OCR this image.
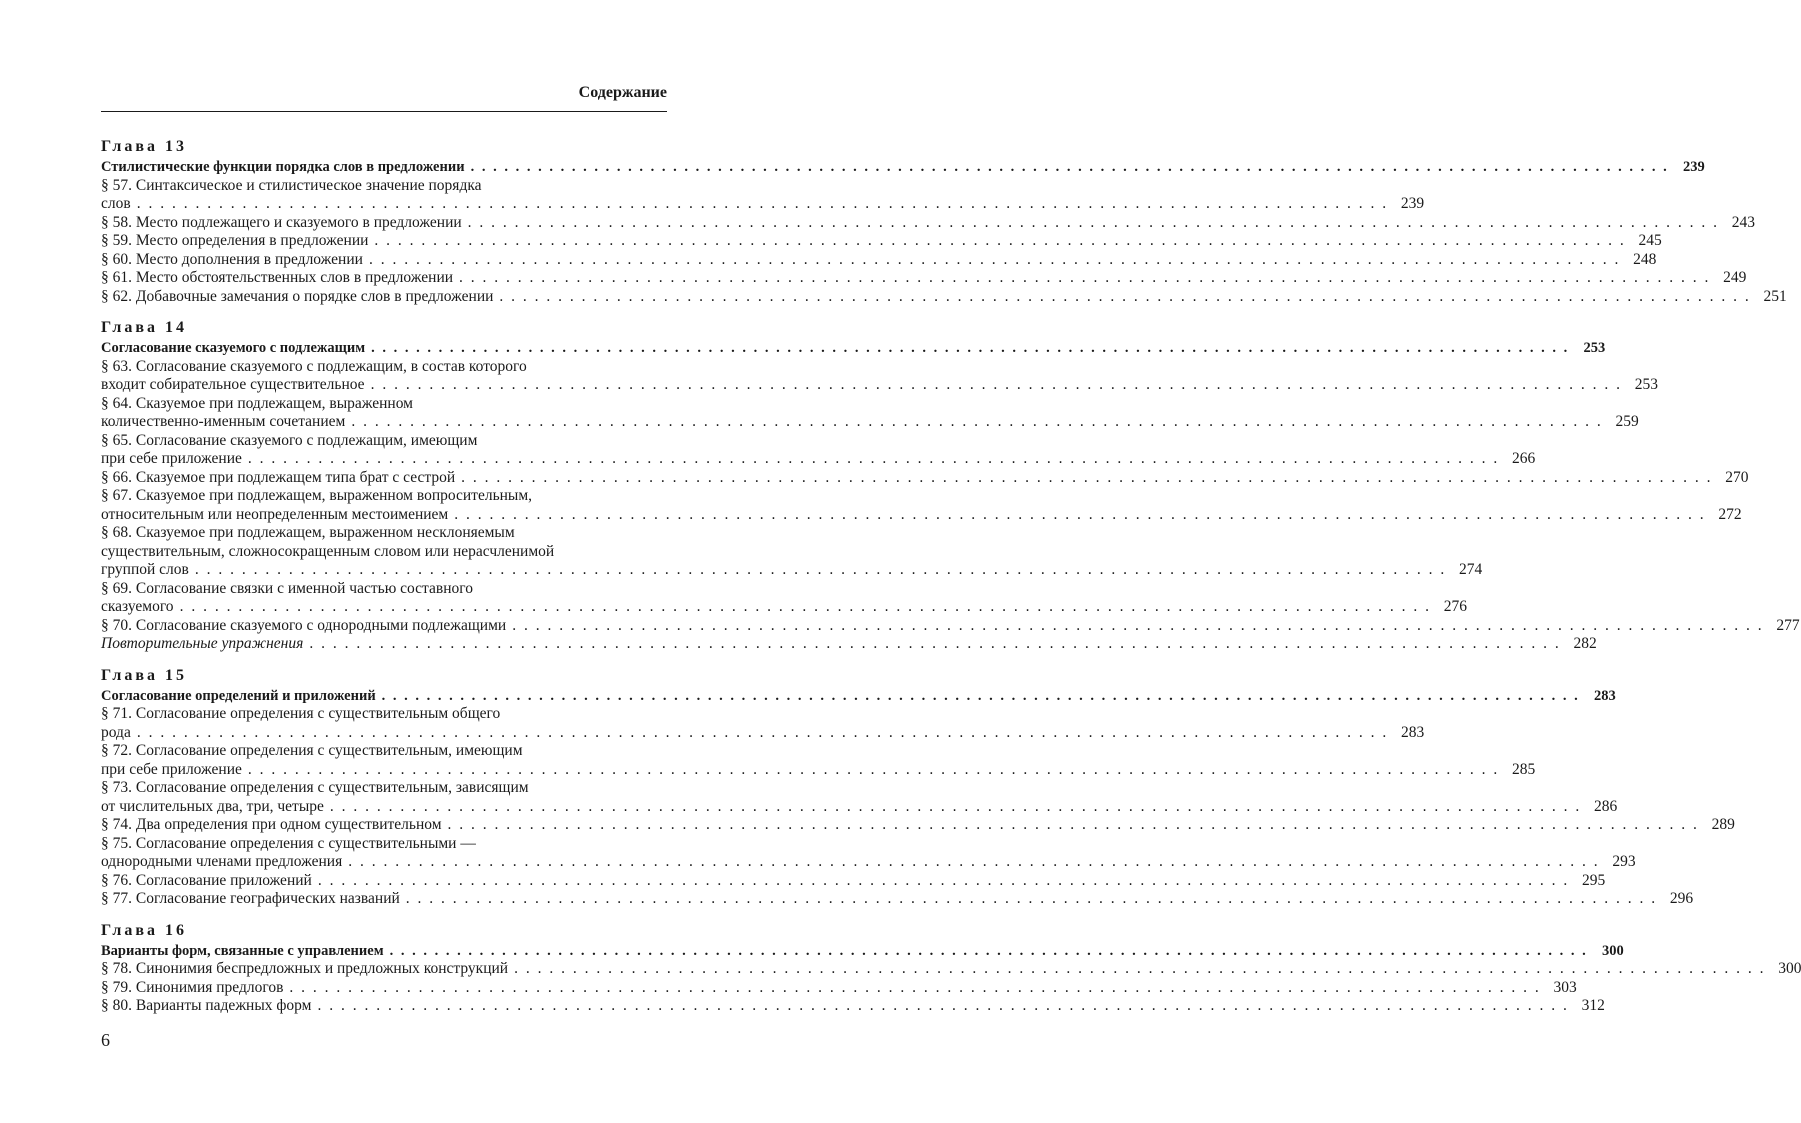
Содержание
Глава 13
Стилистические функции порядка слов в предложении . . .	239
§ 57. Синтаксическое и стилистическое значение порядка
слов . . .	239
§ 58. Место подлежащего и сказуемого в предложении . . .	243
§ 59. Место определения в предложении . . .	245
§ 60. Место дополнения в предложении . . .	248
§ 61. Место обстоятельственных слов в предложении . . .	249
§ 62. Добавочные замечания о порядке слов в предложении . . .	251
Глава 14
Согласование сказуемого с подлежащим . . .	253
§ 63. Согласование сказуемого с подлежащим, в состав которого
входит собирательное существительное . . .	253
§ 64. Сказуемое при подлежащем, выраженном
количественно-именным сочетанием . . .	259
§ 65. Согласование сказуемого с подлежащим, имеющим
при себе приложение . . .	266
§ 66. Сказуемое при подлежащем типа брат с сестрой . . .	270
§ 67. Сказуемое при подлежащем, выраженном вопросительным,
относительным или неопределенным местоимением . . .	272
§ 68. Сказуемое при подлежащем, выраженном несклоняемым
существительным, сложносокращенным словом или нерасчленимой
группой слов . . .	274
§ 69. Согласование связки с именной частью составного
сказуемого . . .	276
§ 70. Согласование сказуемого с однородными подлежащими . . .	277
Повторительные упражнения . . .	282
Глава 15
Согласование определений и приложений . . .	283
§ 71. Согласование определения с существительным общего
рода . . .	283
§ 72. Согласование определения с существительным, имеющим
при себе приложение . . .	285
§ 73. Согласование определения с существительным, зависящим
от числительных два, три, четыре . . .	286
§ 74. Два определения при одном существительном . . .	289
§ 75. Согласование определения с существительными —
однородными членами предложения . . .	293
§ 76. Согласование приложений . . .	295
§ 77. Согласование географических названий . . .	296
Глава 16
Варианты форм, связанные с управлением . . .	300
§ 78. Синонимия беспредложных и предложных конструкций . . .	300
§ 79. Синонимия предлогов . . .	303
§ 80. Варианты падежных форм . . .	312
6
